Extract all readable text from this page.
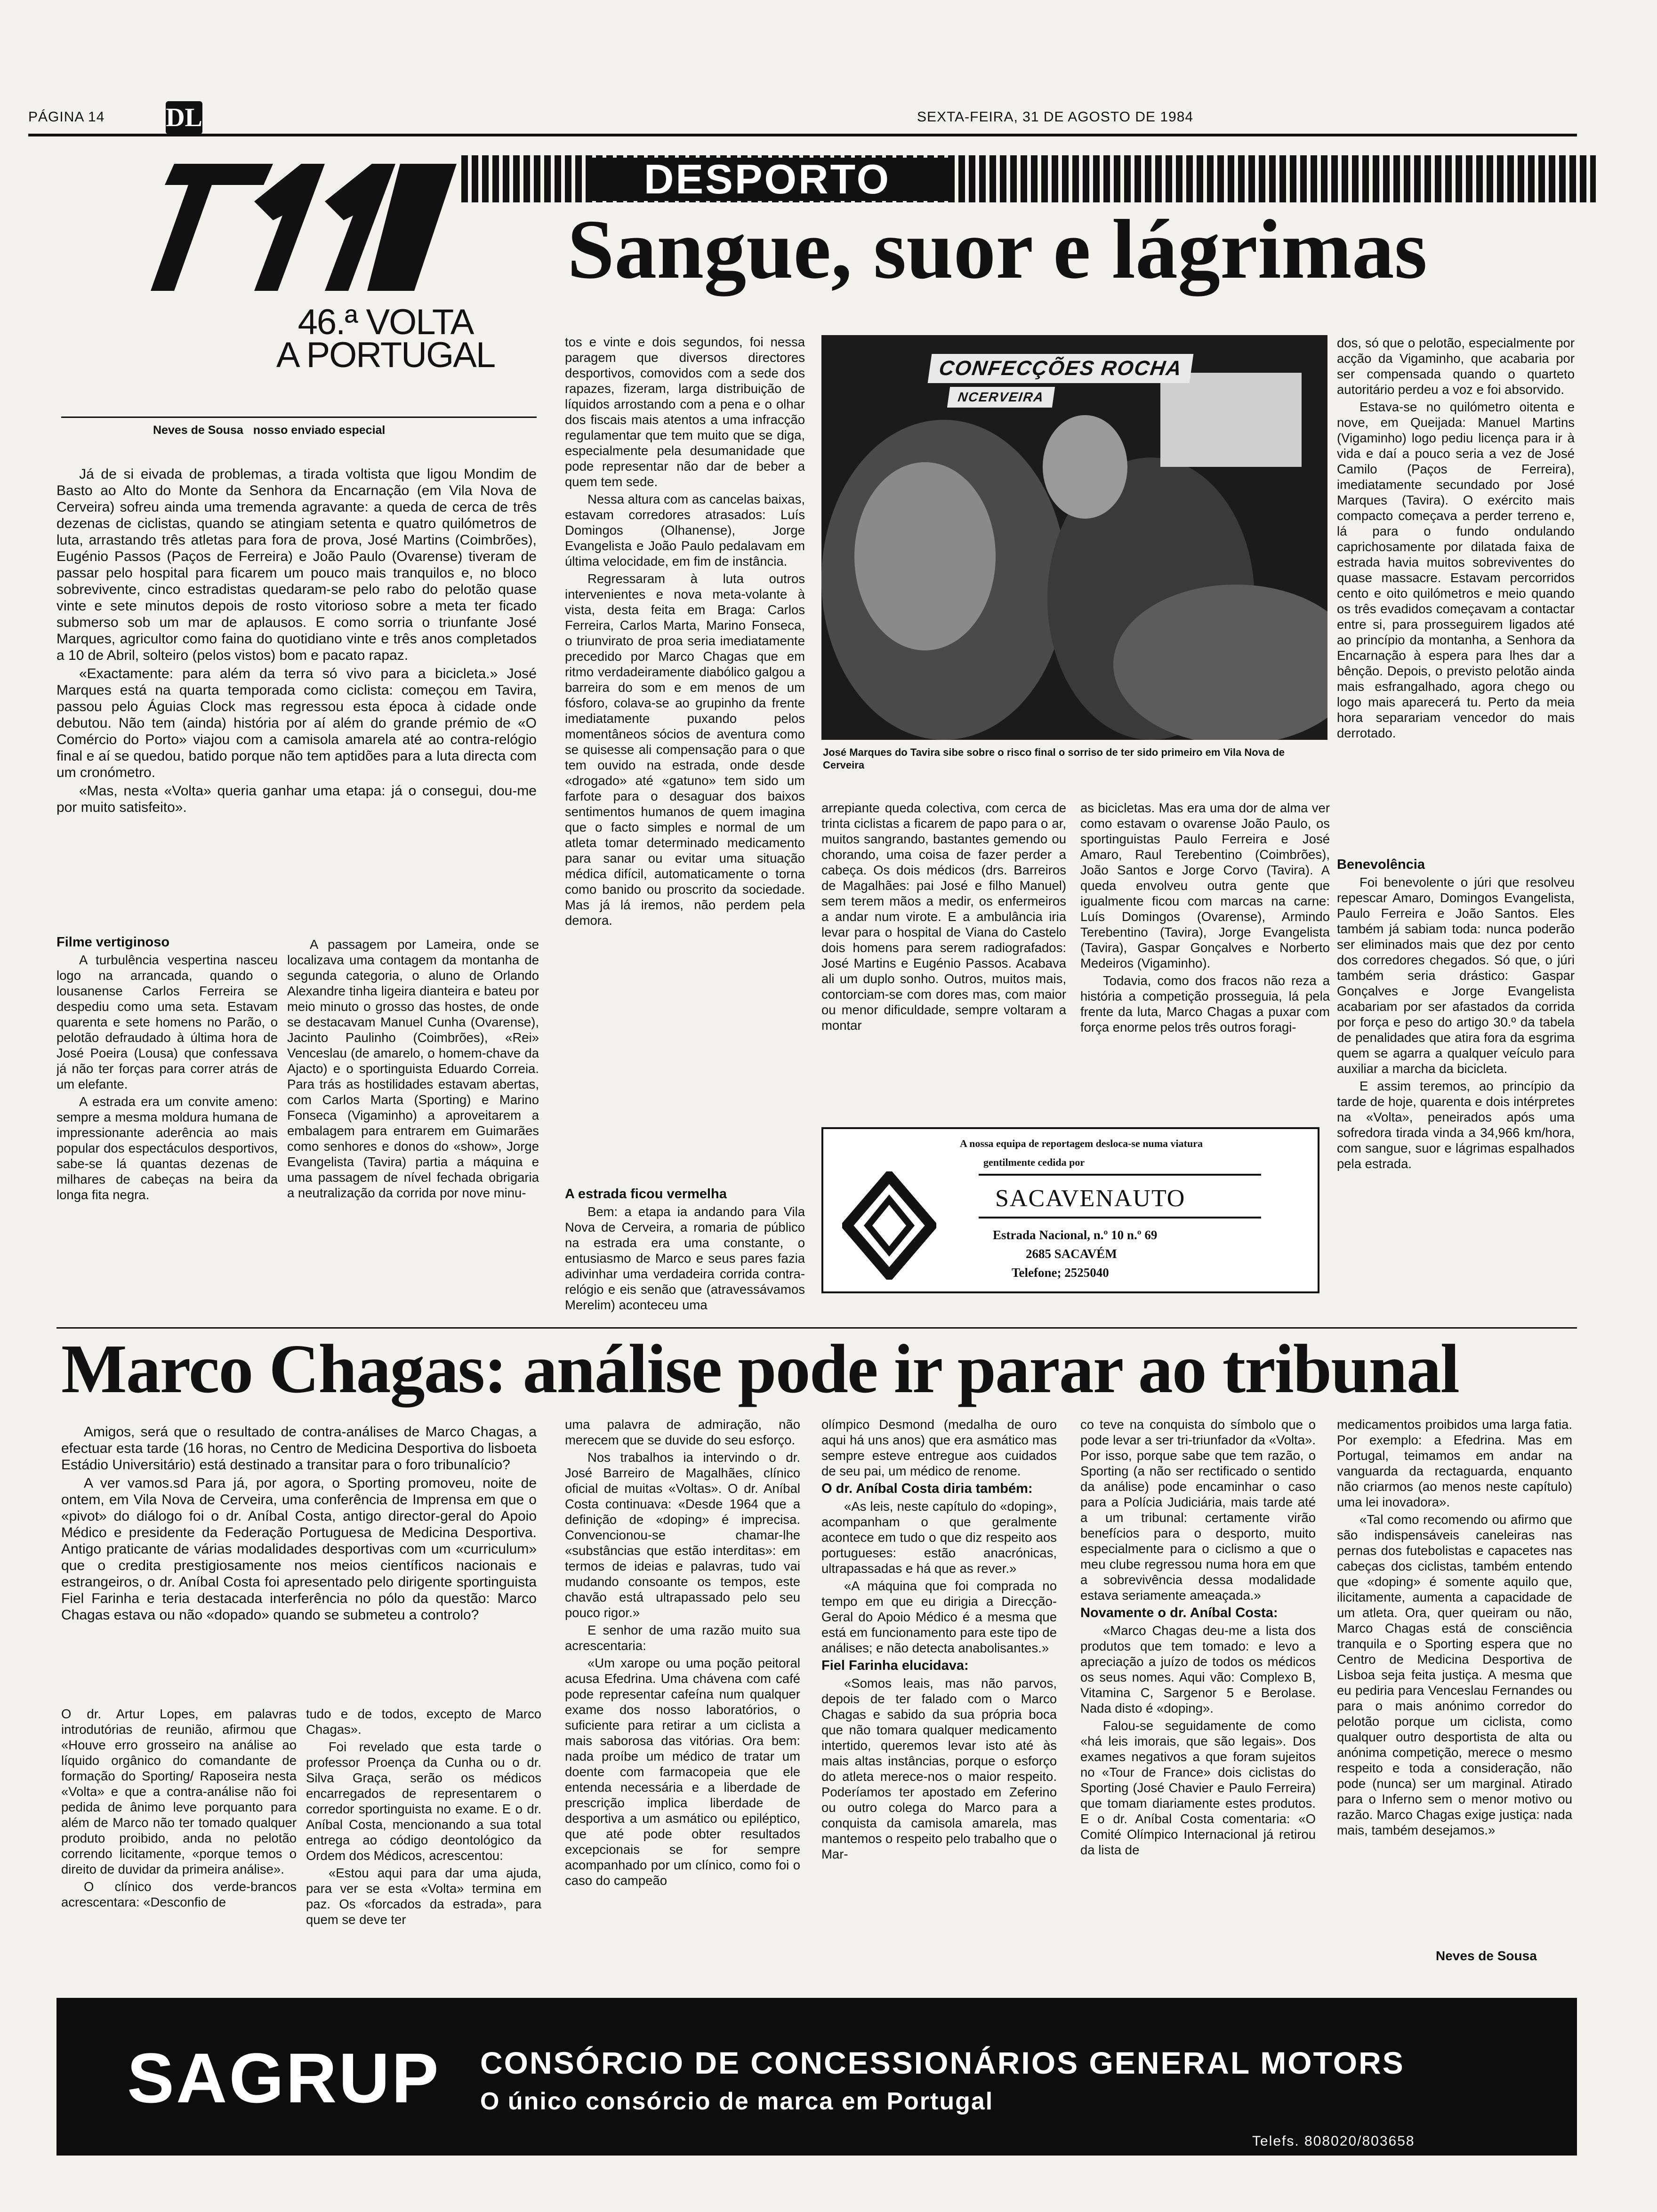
PÁGINA 14 DL	SEXTA-FEIRA, 31 DE AGOSTO DE 1984
DESPORTO
46.ª VOLTA
A PORTUGAL
Sangue, suor e lágrimas
Neves de Sousa nosso enviado especial

Já de si eivada de problemas, a tirada voltista que ligou Mondim de Basto ao Alto do Monte da Senhora da Encarnação (em Vila Nova de Cerveira) sofreu ainda uma tremenda agravante: a queda de cerca de três dezenas de ciclistas, quando se atingiam setenta e quatro quilómetros de luta, arrastando três atletas para fora de prova, José Martins (Coimbrões), Eugénio Passos (Paços de Ferreira) e João Paulo (Ovarense) tiveram de passar pelo hospital para ficarem um pouco mais tranquilos e, no bloco sobrevivente, cinco estradistas quedaram-se pelo rabo do pelotão quase vinte e sete minutos depois de rosto vitorioso sobre a meta ter ficado submerso sob um mar de aplausos. E como sorria o triunfante José Marques, agricultor como faina do quotidiano vinte e três anos completados a 10 de Abril, solteiro (pelos vistos) bom e pacato rapaz.

«Exactamente: para além da terra só vivo para a bicicleta.» José Marques está na quarta temporada como ciclista: começou em Tavira, passou pelo Águias Clock mas regressou esta época à cidade onde debutou. Não tem (ainda) história por aí além do grande prémio de «O Comércio do Porto» viajou com a camisola amarela até ao contra-relógio final e aí se quedou, batido porque não tem aptidões para a luta directa com um cronómetro.

«Mas, nesta «Volta» queria ganhar uma etapa: já o consegui, dou-me por muito satisfeito».

Filme vertiginoso

A turbulência vespertina nasceu logo na arrancada, quando o lousanense Carlos Ferreira se despediu como uma seta. Estavam quarenta e sete homens no Parão, o pelotão defraudado à última hora de José Poeira (Lousa) que confessava já não ter forças para correr atrás de um elefante.

A estrada era um convite ameno: sempre a mesma moldura humana de impressionante aderência ao mais popular dos espectáculos desportivos, sabe-se lá quantas dezenas de milhares de cabeças na beira da longa fita negra.

A passagem por Lameira, onde se localizava uma contagem da montanha de segunda categoria, o aluno de Orlando Alexandre tinha ligeira dianteira e bateu por meio minuto o grosso das hostes, de onde se destacavam Manuel Cunha (Ovarense), Jacinto Paulinho (Coimbrões), «Rei» Venceslau (de amarelo, o homem-chave da Ajacto) e o sportinguista Eduardo Correia. Para trás as hostilidades estavam abertas, com Carlos Marta (Sporting) e Marino Fonseca (Vigaminho) a aproveitarem a embalagem para entrarem em Guimarães como senhores e donos do «show», Jorge Evangelista (Tavira) partia a máquina e uma passagem de nível fechada obrigaria a neutralização da corrida por nove minu-

tos e vinte e dois segundos, foi nessa paragem que diversos directores desportivos, comovidos com a sede dos rapazes, fizeram, larga distribuição de líquidos arrostando com a pena e o olhar dos fiscais mais atentos a uma infracção regulamentar que tem muito que se diga, especialmente pela desumanidade que pode representar não dar de beber a quem tem sede.

Nessa altura com as cancelas baixas, estavam corredores atrasados: Luís Domingos (Olhanense), Jorge Evangelista e João Paulo pedalavam em última velocidade, em fim de instância.

Regressaram à luta outros intervenientes e nova meta-volante à vista, desta feita em Braga: Carlos Ferreira, Carlos Marta, Marino Fonseca, o triunvirato de proa seria imediatamente precedido por Marco Chagas que em ritmo verdadeiramente diabólico galgou a barreira do som e em menos de um fósforo, colava-se ao grupinho da frente imediatamente puxando pelos momentâneos sócios de aventura como se quisesse ali compensação para o que tem ouvido na estrada, onde desde «drogado» até «gatuno» tem sido um farfote para o desaguar dos baixos sentimentos humanos de quem imagina que o facto simples e normal de um atleta tomar determinado medicamento para sanar ou evitar uma situação médica difícil, automaticamente o torna como banido ou proscrito da sociedade. Mas já lá iremos, não perdem pela demora.

A estrada ficou vermelha

Bem: a etapa ia andando para Vila Nova de Cerveira, a romaria de público na estrada era uma constante, o entusiasmo de Marco e seus pares fazia adivinhar uma verdadeira corrida contra-relógio e eis senão que (atravessávamos Merelim) aconteceu uma

CONFECÇÕES ROCHA
NCERVEIRA
José Marques do Tavira sibe sobre o risco final o sorriso de ter sido primeiro em Vila Nova de Cerveira

arrepiante queda colectiva, com cerca de trinta ciclistas a ficarem de papo para o ar, muitos sangrando, bastantes gemendo ou chorando, uma coisa de fazer perder a cabeça. Os dois médicos (drs. Barreiros de Magalhães: pai José e filho Manuel) sem terem mãos a medir, os enfermeiros a andar num virote. E a ambulância iria levar para o hospital de Viana do Castelo dois homens para serem radiografados: José Martins e Eugénio Passos. Acabava ali um duplo sonho. Outros, muitos mais, contorciam-se com dores mas, com maior ou menor dificuldade, sempre voltaram a montar

as bicicletas. Mas era uma dor de alma ver como estavam o ovarense João Paulo, os sportinguistas Paulo Ferreira e José Amaro, Raul Terebentino (Coimbrões), João Santos e Jorge Corvo (Tavira). A queda envolveu outra gente que igualmente ficou com marcas na carne: Luís Domingos (Ovarense), Armindo Terebentino (Tavira), Jorge Evangelista (Tavira), Gaspar Gonçalves e Norberto Medeiros (Vigaminho).

Todavia, como dos fracos não reza a história a competição prosseguia, lá pela frente da luta, Marco Chagas a puxar com força enorme pelos três outros foragi-

dos, só que o pelotão, especialmente por acção da Vigaminho, que acabaria por ser compensada quando o quarteto autoritário perdeu a voz e foi absorvido.

Estava-se no quilómetro oitenta e nove, em Queijada: Manuel Martins (Vigaminho) logo pediu licença para ir à vida e daí a pouco seria a vez de José Camilo (Paços de Ferreira), imediatamente secundado por José Marques (Tavira). O exército mais compacto começava a perder terreno e, lá para o fundo ondulando caprichosamente por dilatada faixa de estrada havia muitos sobreviventes do quase massacre. Estavam percorridos cento e oito quilómetros e meio quando os três evadidos começavam a contactar entre si, para prosseguirem ligados até ao princípio da montanha, a Senhora da Encarnação à espera para lhes dar a bênção. Depois, o previsto pelotão ainda mais esfrangalhado, agora chego ou logo mais aparecerá tu. Perto da meia hora separariam vencedor do mais derrotado.

Benevolência

Foi benevolente o júri que resolveu repescar Amaro, Domingos Evangelista, Paulo Ferreira e João Santos. Eles também já sabiam toda: nunca poderão ser eliminados mais que dez por cento dos corredores chegados. Só que, o júri também seria drástico: Gaspar Gonçalves e Jorge Evangelista acabariam por ser afastados da corrida por força e peso do artigo 30.º da tabela de penalidades que atira fora da esgrima quem se agarra a qualquer veículo para auxiliar a marcha da bicicleta.

E assim teremos, ao princípio da tarde de hoje, quarenta e dois intérpretes na «Volta», peneirados após uma sofredora tirada vinda a 34,966 km/hora, com sangue, suor e lágrimas espalhados pela estrada.

A nossa equipa de reportagem desloca-se numa viatura
gentilmente cedida por
SACAVENAUTO
Estrada Nacional, n.º 10 n.º 69
2685 SACAVÉM
Telefone; 2525040
Marco Chagas: análise pode ir parar ao tribunal

Amigos, será que o resultado de contra-análises de Marco Chagas, a efectuar esta tarde (16 horas, no Centro de Medicina Desportiva do lisboeta Estádio Universitário) está destinado a transitar para o foro tribunalício?

A ver vamos.sd Para já, por agora, o Sporting promoveu, noite de ontem, em Vila Nova de Cerveira, uma conferência de Imprensa em que o «pivot» do diálogo foi o dr. Aníbal Costa, antigo director-geral do Apoio Médico e presidente da Federação Portuguesa de Medicina Desportiva. Antigo praticante de várias modalidades desportivas com um «curriculum» que o credita prestigiosamente nos meios científicos nacionais e estrangeiros, o dr. Aníbal Costa foi apresentado pelo dirigente sportinguista Fiel Farinha e teria destacada interferência no pólo da questão: Marco Chagas estava ou não «dopado» quando se submeteu a controlo?

O dr. Artur Lopes, em palavras introdutórias de reunião, afirmou que «Houve erro grosseiro na análise ao líquido orgânico do comandante de formação do Sporting/ Raposeira nesta «Volta» e que a contra-análise não foi pedida de ânimo leve porquanto para além de Marco não ter tomado qualquer produto proibido, anda no pelotão correndo licitamente, «porque temos o direito de duvidar da primeira análise».

O clínico dos verde-brancos acrescentara: «Desconfio de

tudo e de todos, excepto de Marco Chagas».

Foi revelado que esta tarde o professor Proença da Cunha ou o dr. Silva Graça, serão os médicos encarregados de representarem o corredor sportinguista no exame. E o dr. Aníbal Costa, mencionando a sua total entrega ao código deontológico da Ordem dos Médicos, acrescentou:

«Estou aqui para dar uma ajuda, para ver se esta «Volta» termina em paz. Os «forcados da estrada», para quem se deve ter

uma palavra de admiração, não merecem que se duvide do seu esforço.

Nos trabalhos ia intervindo o dr. José Barreiro de Magalhães, clínico oficial de muitas «Voltas». O dr. Aníbal Costa continuava: «Desde 1964 que a definição de «doping» é imprecisa. Convencionou-se chamar-lhe «substâncias que estão interditas»: em termos de ideias e palavras, tudo vai mudando consoante os tempos, este chavão está ultrapassado pelo seu pouco rigor.»

E senhor de uma razão muito sua acrescentaria:

«Um xarope ou uma poção peitoral acusa Efedrina. Uma chávena com café pode representar cafeína num qualquer exame dos nosso laboratórios, o suficiente para retirar a um ciclista a mais saborosa das vitórias. Ora bem: nada proíbe um médico de tratar um doente com farmacopeia que ele entenda necessária e a liberdade de prescrição implica liberdade de desportiva a um asmático ou epiléptico, que até pode obter resultados excepcionais se for sempre acompanhado por um clínico, como foi o caso do campeão

olímpico Desmond (medalha de ouro aqui há uns anos) que era asmático mas sempre esteve entregue aos cuidados de seu pai, um médico de renome.

O dr. Aníbal Costa diria também:

«As leis, neste capítulo do «doping», acompanham o que geralmente acontece em tudo o que diz respeito aos portugueses: estão anacrónicas, ultrapassadas e há que as rever.»

«A máquina que foi comprada no tempo em que eu dirigia a Direcção-Geral do Apoio Médico é a mesma que está em funcionamento para este tipo de análises; e não detecta anabolisantes.»

Fiel Farinha elucidava:

«Somos leais, mas não parvos, depois de ter falado com o Marco Chagas e sabido da sua própria boca que não tomara qualquer medicamento intertido, queremos levar isto até às mais altas instâncias, porque o esforço do atleta merece-nos o maior respeito. Poderíamos ter apostado em Zeferino ou outro colega do Marco para a conquista da camisola amarela, mas mantemos o respeito pelo trabalho que o Mar-

co teve na conquista do símbolo que o pode levar a ser tri-triunfador da «Volta». Por isso, porque sabe que tem razão, o Sporting (a não ser rectificado o sentido da análise) pode encaminhar o caso para a Polícia Judiciária, mais tarde até a um tribunal: certamente virão benefícios para o desporto, muito especialmente para o ciclismo a que o meu clube regressou numa hora em que a sobrevivência dessa modalidade estava seriamente ameaçada.»

Novamente o dr. Aníbal Costa:

«Marco Chagas deu-me a lista dos produtos que tem tomado: e levo a apreciação a juízo de todos os médicos os seus nomes. Aqui vão: Complexo B, Vitamina C, Sargenor 5 e Berolase. Nada disto é «doping».

Falou-se seguidamente de como «há leis imorais, que são legais». Dos exames negativos a que foram sujeitos no «Tour de France» dois ciclistas do Sporting (José Chavier e Paulo Ferreira) que tomam diariamente estes produtos. E o dr. Aníbal Costa comentaria: «O Comité Olímpico Internacional já retirou da lista de

medicamentos proibidos uma larga fatia. Por exemplo: a Efedrina. Mas em Portugal, teimamos em andar na vanguarda da rectaguarda, enquanto não criarmos (ao menos neste capítulo) uma lei inovadora».

«Tal como recomendo ou afirmo que são indispensáveis caneleiras nas pernas dos futebolistas e capacetes nas cabeças dos ciclistas, também entendo que «doping» é somente aquilo que, ilicitamente, aumenta a capacidade de um atleta. Ora, quer queiram ou não, Marco Chagas está de consciência tranquila e o Sporting espera que no Centro de Medicina Desportiva de Lisboa seja feita justiça. A mesma que eu pediria para Venceslau Fernandes ou para o mais anónimo corredor do pelotão porque um ciclista, como qualquer outro desportista de alta ou anónima competição, merece o mesmo respeito e toda a consideração, não pode (nunca) ser um marginal. Atirado para o Inferno sem o menor motivo ou razão. Marco Chagas exige justiça: nada mais, também desejamos.»

Neves de Sousa
SAGRUP CONSÓRCIO DE CONCESSIONÁRIOS GENERAL MOTORS
O único consórcio de marca em Portugal
Telefs. 808020/803658
